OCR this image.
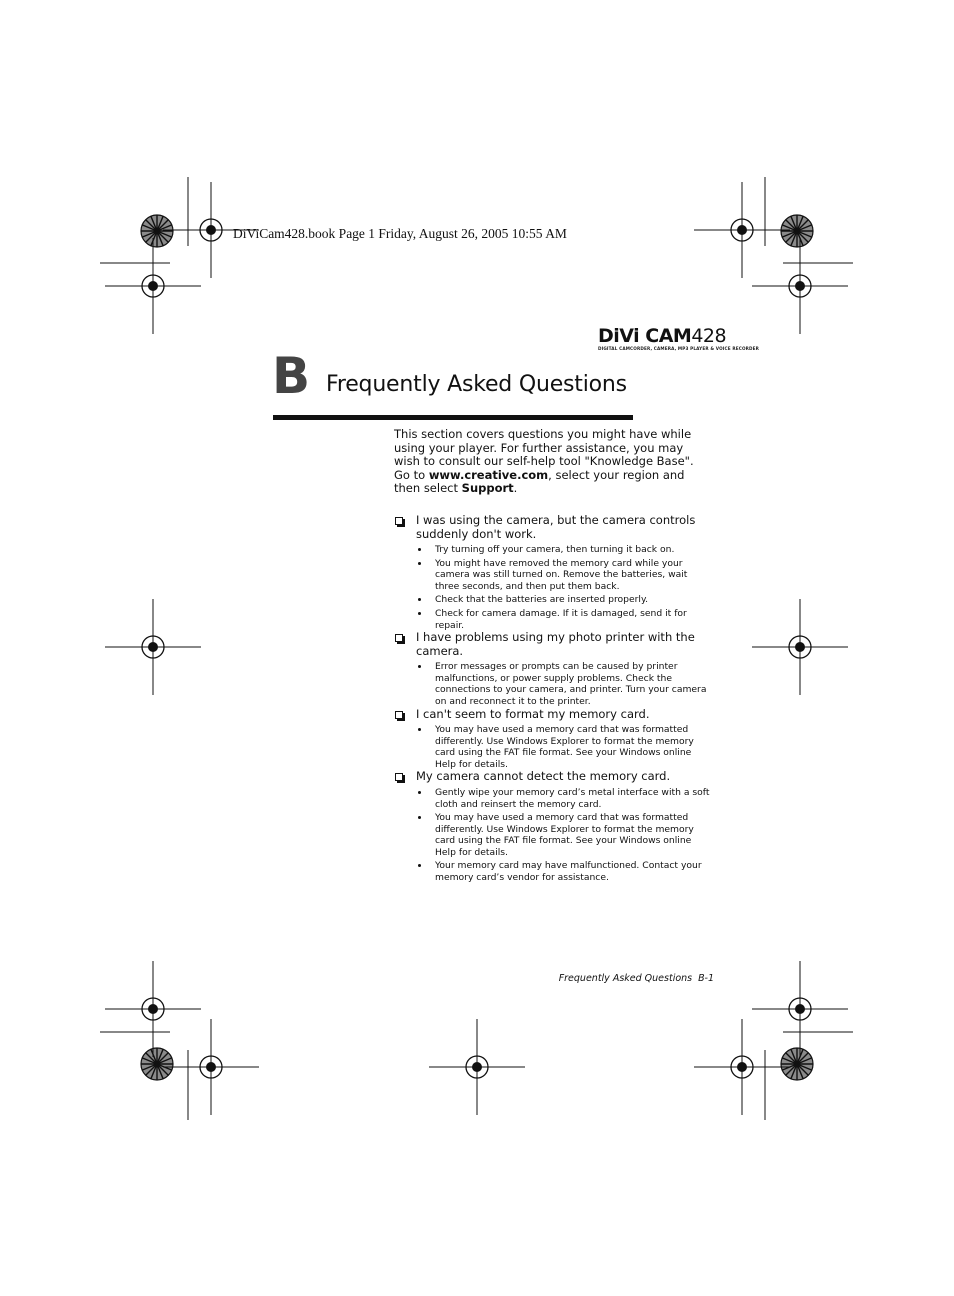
DiViCam428.book Page 1 Friday, August 26, 2005 10:55 AM
DiVi CAM428
DIGITAL CAMCORDER, CAMERA, MP3 PLAYER & VOICE RECORDER
B Frequently Asked Questions

This section covers questions you might have while using your player. For further assistance, you may wish to consult our self-help tool "Knowledge Base". Go to www.creative.com, select your region and then select Support.

I was using the camera, but the camera controls suddenly don't work.
Try turning off your camera, then turning it back on.
You might have removed the memory card while your camera was still turned on. Remove the batteries, wait three seconds, and then put them back.
Check that the batteries are inserted properly.
Check for camera damage. If it is damaged, send it for repair.
I have problems using my photo printer with the camera.
Error messages or prompts can be caused by printer malfunctions, or power supply problems. Check the connections to your camera, and printer. Turn your camera on and reconnect it to the printer.
I can't seem to format my memory card.
You may have used a memory card that was formatted differently. Use Windows Explorer to format the memory card using the FAT file format. See your Windows online Help for details.
My camera cannot detect the memory card.
Gently wipe your memory card’s metal interface with a soft cloth and reinsert the memory card.
You may have used a memory card that was formatted differently. Use Windows Explorer to format the memory card using the FAT file format. See your Windows online Help for details.
Your memory card may have malfunctioned. Contact your memory card’s vendor for assistance.
Frequently Asked Questions B-1
